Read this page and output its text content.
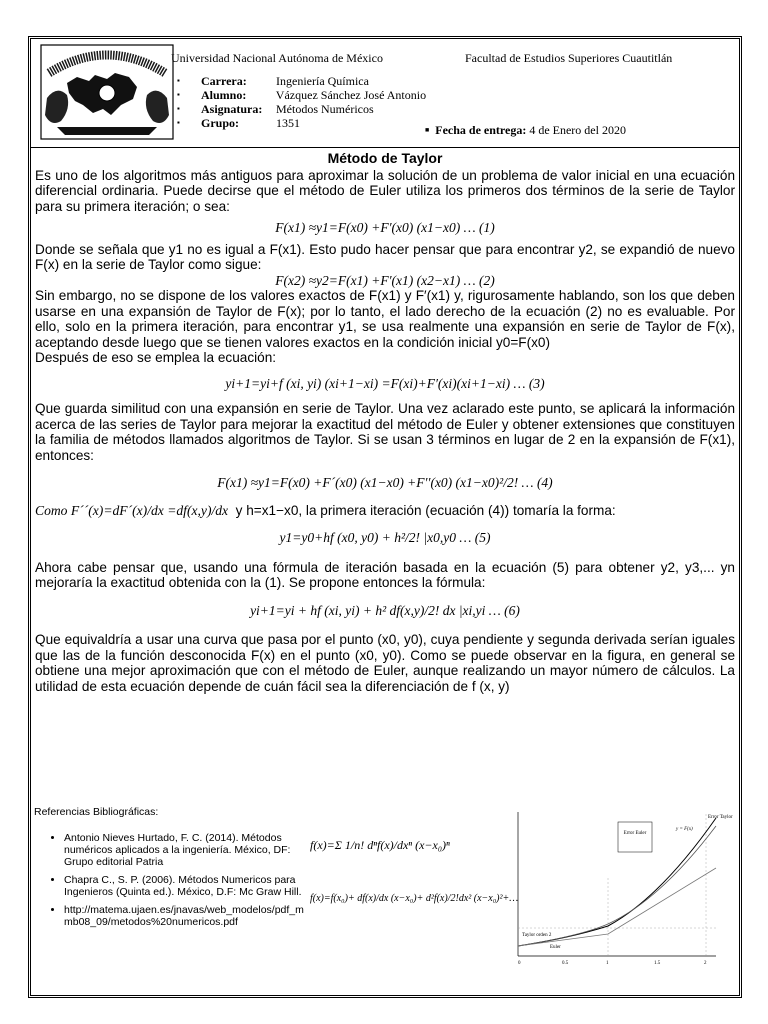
Universidad Nacional Autónoma de México	Facultad de Estudios Superiores Cuautitlán
▪ Carrera: Ingeniería Química
▪ Alumno: Vázquez Sánchez José Antonio
▪ Asignatura: Métodos Numéricos
▪ Grupo:	1351
■	Fecha de entrega: 4 de Enero del 2020
Método de Taylor

Es uno de los algoritmos más antiguos para aproximar la solución de un problema de valor inicial en una ecuación diferencial ordinaria. Puede decirse que el método de Euler utiliza los primeros dos términos de la serie de Taylor para su primera iteración; o sea:

F(x1) ≈y1=F(x0) +F′(x0) (x1−x0) … (1)

Donde se señala que y1 no es igual a F(x1). Esto pudo hacer pensar que para encontrar y2, se expandió de nuevo F(x) en la serie de Taylor como sigue:

F(x2) ≈y2=F(x1) +F′(x1) (x2−x1) … (2)

Sin embargo, no se dispone de los valores exactos de F(x1) y F′(x1) y, rigurosamente hablando, son los que deben usarse en una expansión de Taylor de F(x); por lo tanto, el lado derecho de la ecuación (2) no es evaluable. Por ello, solo en la primera iteración, para encontrar y1, se usa realmente una expansión en serie de Taylor de F(x), aceptando desde luego que se tienen valores exactos en la condición inicial y0=F(x0)

Después de eso se emplea la ecuación:

yi+1=yi+f (xi, yi) (xi+1−xi) =F(xi)+F′(xi)(xi+1−xi) … (3)

Que guarda similitud con una expansión en serie de Taylor. Una vez aclarado este punto, se aplicará la información acerca de las series de Taylor para mejorar la exactitud del método de Euler y obtener extensiones que constituyen la familia de métodos llamados algoritmos de Taylor. Si se usan 3 términos en lugar de 2 en la expansión de F(x1), entonces:

F(x1) ≈y1=F(x0) +F´(x0) (x1−x0) +F′′(x0) (x1−x0)²/2! … (4)

Como F´´(x)=dF´(x)/dx =df(x,y)/dx y h=x1−x0, la primera iteración (ecuación (4)) tomaría la forma:

y1=y0+hf (x0, y0) + h²/2! |x0,y0 … (5)

Ahora cabe pensar que, usando una fórmula de iteración basada en la ecuación (5) para obtener y2, y3,... yn mejoraría la exactitud obtenida con la (1). Se propone entonces la fórmula:

yi+1=yi + hf (xi, yi) + h² df(x,y)/2! dx |xi,yi … (6)

Que equivaldría a usar una curva que pasa por el punto (x0, y0), cuya pendiente y segunda derivada serían iguales que las de la función desconocida F(x) en el punto (x0, y0). Como se puede observar en la figura, en general se obtiene una mejor aproximación que con el método de Euler, aunque realizando un mayor número de cálculos. La utilidad de esta ecuación depende de cuán fácil sea la diferenciación de f (x, y)

Referencias Bibliográficas:
• Antonio Nieves Hurtado, F. C. (2014). Métodos numéricos aplicados a la ingeniería. México, DF: Grupo editorial Patria
• Chapra C., S. P. (2006). Métodos Numericos para Ingenieros (Quinta ed.). México, D.F: Mc Graw Hill.
• http://matema.ujaen.es/jnavas/web_modelos/pdf_mmb08_09/metodos%20numericos.pdf
f(x)=Σ 1/n! dⁿf(x)/dxⁿ (x−x₀)ⁿ
f(x)=f(x₀)+ df(x)/dx (x−x₀)+ d²f(x)/2!dx² (x−x₀)²+…
Error Euler
Error Taylor
y = F(x)
Taylor orden 2
Euler
0	0.5	1	1.5	2
